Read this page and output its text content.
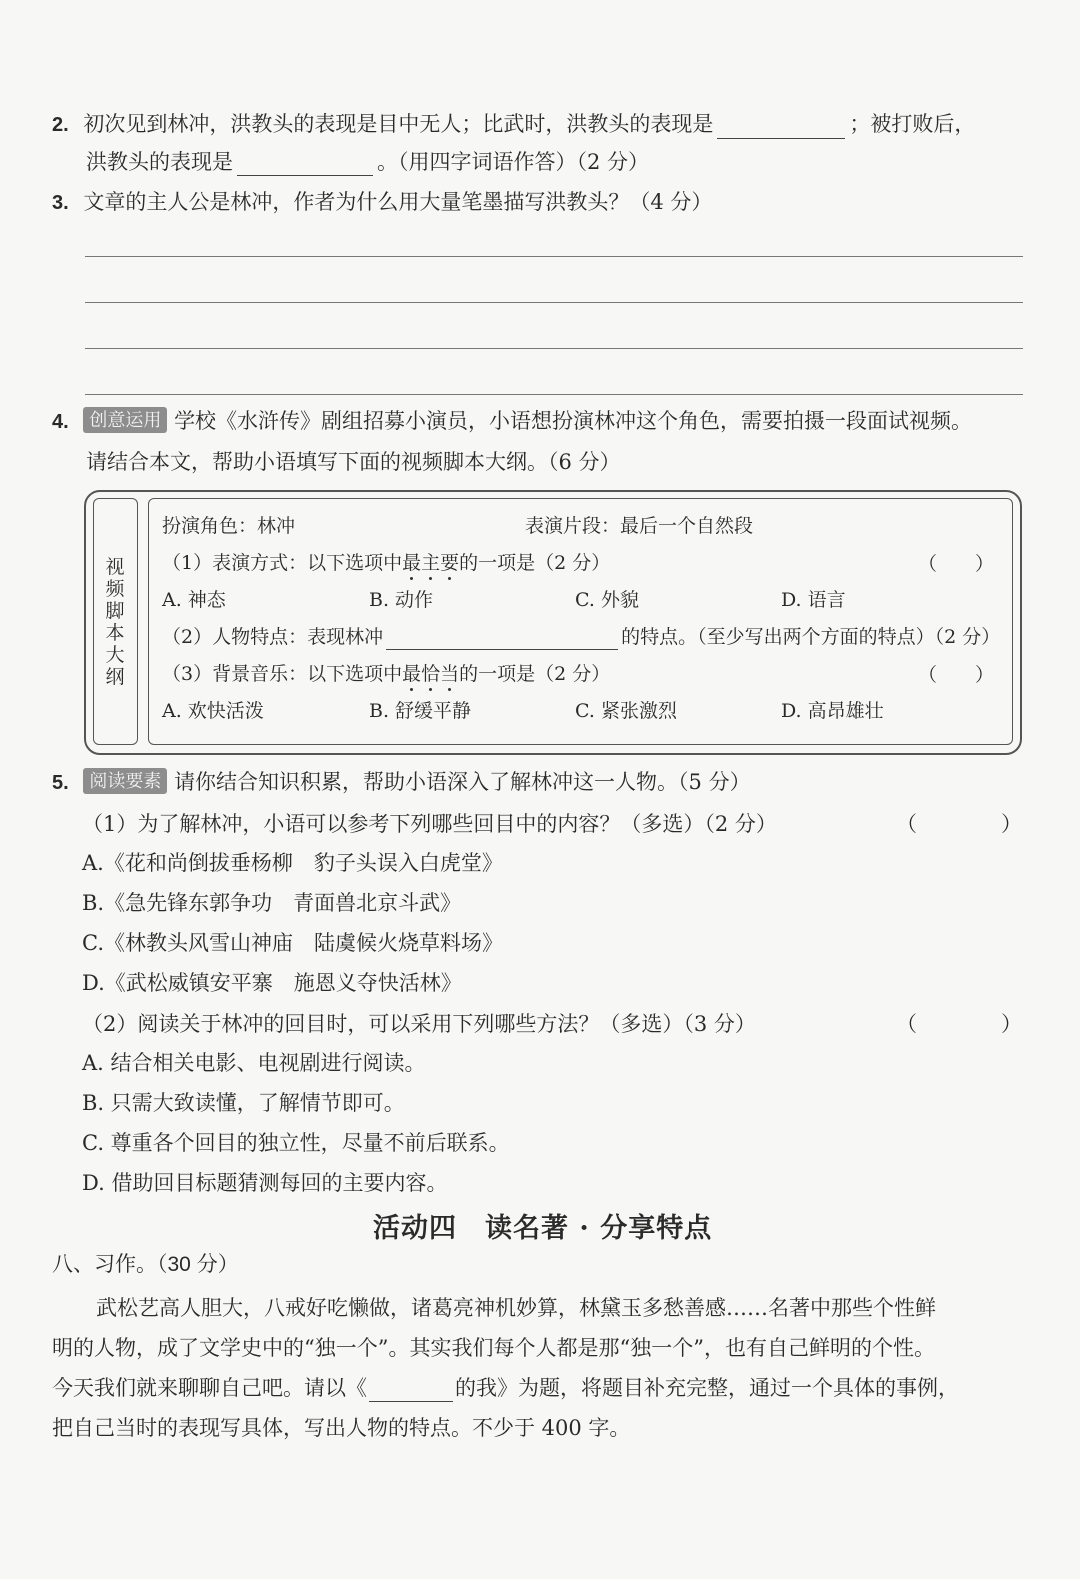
2. 初次见到林冲，洪教头的表现是目中无人；比武时，洪教头的表现是	；被打败后，
洪教头的表现是	。（用四字词语作答）（2 分）
3. 文章的主人公是林冲，作者为什么用大量笔墨描写洪教头？（4 分）
4. 创意运用 学校《水浒传》剧组招募小演员，小语想扮演林冲这个角色，需要拍摄一段面试视频。
请结合本文，帮助小语填写下面的视频脚本大纲。（6 分）
视频脚本大纲
扮演角色：林冲	表演片段：最后一个自然段
（1）表演方式：以下选项中最主要的一项是（2 分）	（　　）
A. 神态	B. 动作	C. 外貌	D. 语言
（2）人物特点：表现林冲	的特点。（至少写出两个方面的特点）（2 分）
（3）背景音乐：以下选项中最恰当的一项是（2 分）	（　　）
A. 欢快活泼	B. 舒缓平静	C. 紧张激烈	D. 高昂雄壮
5. 阅读要素 请你结合知识积累，帮助小语深入了解林冲这一人物。（5 分）
（1）为了解林冲，小语可以参考下列哪些回目中的内容？（多选）（2 分）	（　　　　）
A.《花和尚倒拔垂杨柳　豹子头误入白虎堂》
B.《急先锋东郭争功　青面兽北京斗武》
C.《林教头风雪山神庙　陆虞候火烧草料场》
D.《武松威镇安平寨　施恩义夺快活林》
（2）阅读关于林冲的回目时，可以采用下列哪些方法？（多选）（3 分）	（　　　　）
A. 结合相关电影、电视剧进行阅读。
B. 只需大致读懂，了解情节即可。
C. 尊重各个回目的独立性，尽量不前后联系。
D. 借助回目标题猜测每回的主要内容。
活动四　读名著 · 分享特点
八、习作。（30 分）
武松艺高人胆大，八戒好吃懒做，诸葛亮神机妙算，林黛玉多愁善感……名著中那些个性鲜
明的人物，成了文学史中的“独一个”。其实我们每个人都是那“独一个”，也有自己鲜明的个性。
今天我们就来聊聊自己吧。请以《	的我》为题，将题目补充完整，通过一个具体的事例，
把自己当时的表现写具体，写出人物的特点。不少于 400 字。
